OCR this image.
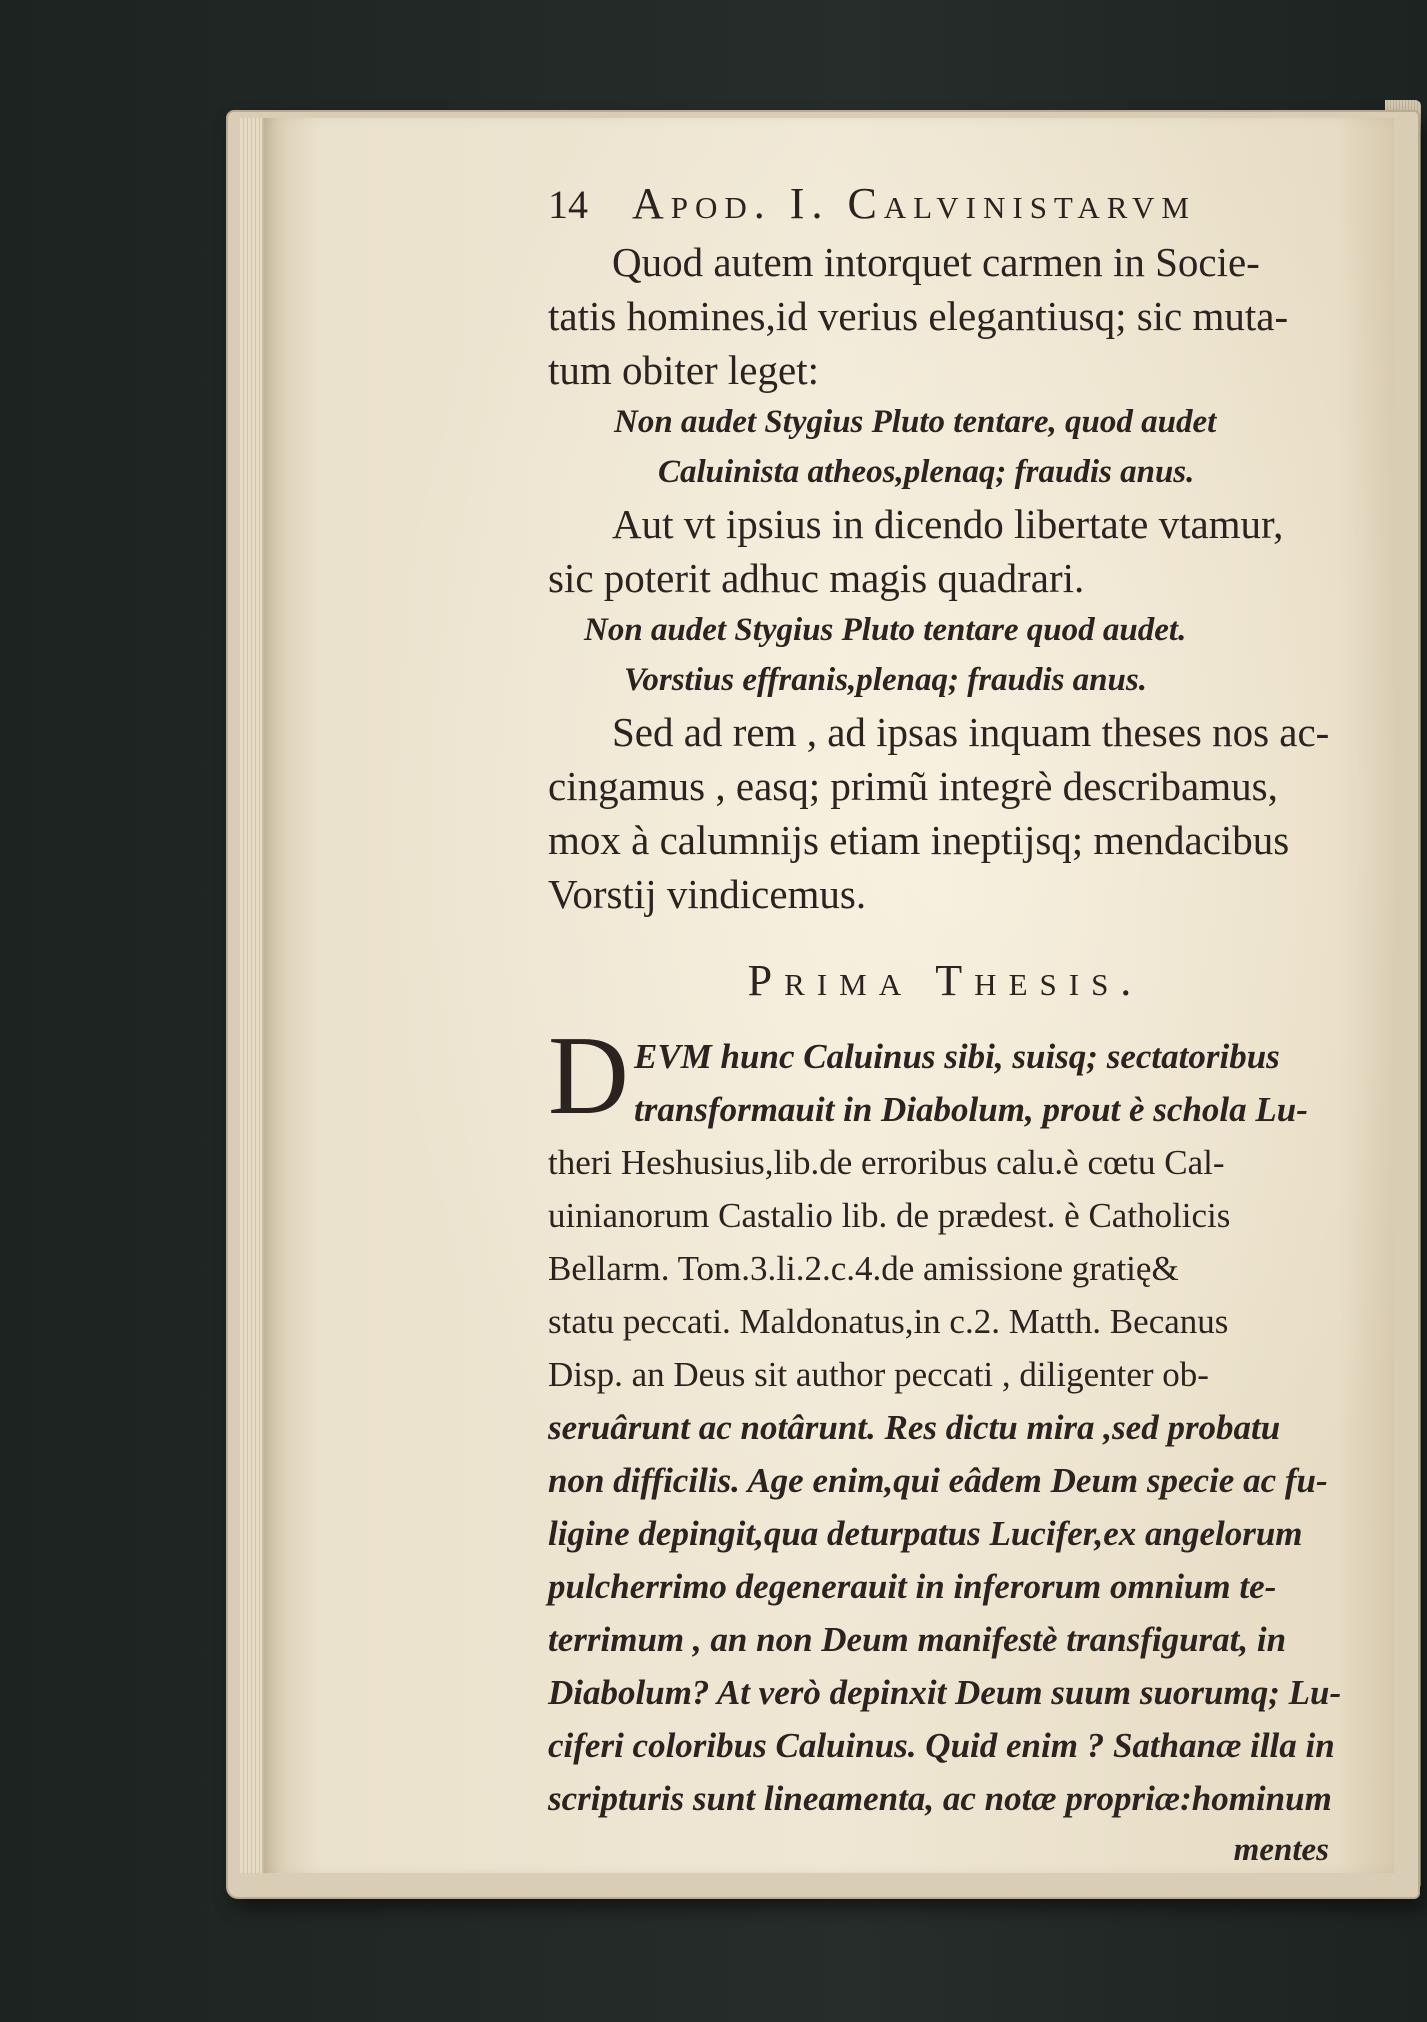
14 Apod. I. Calvinistarvm
Quod autem intorquet carmen in Socie-
tatis homines,id verius elegantiusq; sic muta-
tum obiter leget:
Non audet Stygius Pluto tentare, quod audet
Caluinista atheos,plenaq; fraudis anus.
Aut vt ipsius in dicendo libertate vtamur,
sic poterit adhuc magis quadrari.
Non audet Stygius Pluto tentare quod audet.
Vorstius effranis,plenaq; fraudis anus.
Sed ad rem , ad ipsas inquam theses nos ac-
cingamus , easq; primũ integrè describamus,
mox à calumnijs etiam ineptijsq; mendacibus
Vorstij vindicemus.
Prima Thesis.
D EVM hunc Caluinus sibi, suisq; sectatoribus
transformauit in Diabolum, prout è schola Lu-
theri Heshusius,lib.de erroribus calu.è cœtu Cal-
uinianorum Castalio lib. de prædest. è Catholicis
Bellarm. Tom.3.li.2.c.4.de amissione gratię&
statu peccati. Maldonatus,in c.2. Matth. Becanus
Disp. an Deus sit author peccati , diligenter ob-
seruârunt ac notârunt. Res dictu mira ,sed probatu
non difficilis. Age enim,qui eâdem Deum specie ac fu-
ligine depingit,qua deturpatus Lucifer,ex angelorum
pulcherrimo degenerauit in inferorum omnium te-
terrimum , an non Deum manifestè transfigurat, in
Diabolum? At verò depinxit Deum suum suorumq; Lu-
ciferi coloribus Caluinus. Quid enim ? Sathanæ illa in
scripturis sunt lineamenta, ac notæ propriæ:hominum
mentes
